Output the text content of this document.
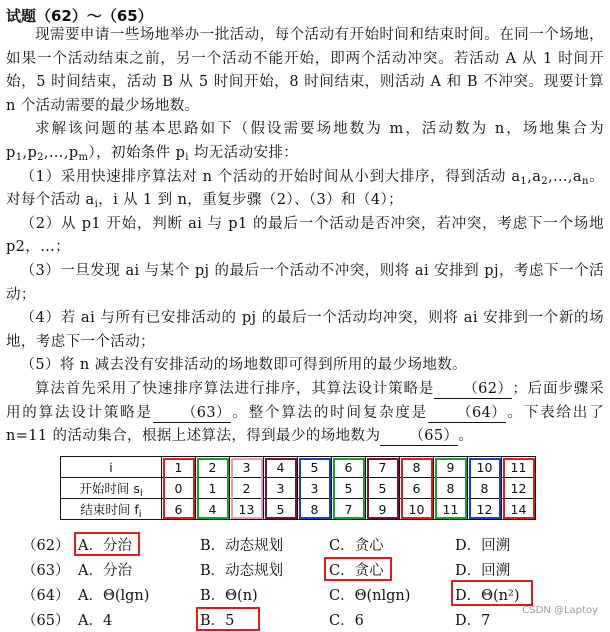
试题（62）～（65）
现需要申请一些场地举办一批活动，每个活动有开始时间和结束时间。在同一个场地，如果一个活动结束之前，另一个活动不能开始，即两个活动冲突。若活动 A 从 1 时间开始，5 时间结束，活动 B 从 5 时间开始，8 时间结束，则活动 A 和 B 不冲突。现要计算 n 个活动需要的最少场地数。
求解该问题的基本思路如下（假设需要场地数为 m，活动数为 n，场地集合为 $p_1,p_2,\dots,p_m$），初始条件 $p_i$ 均无活动安排：
（1）采用快速排序算法对 n 个活动的开始时间从小到大排序，得到活动 $a_1,a_2,\dots,a_n$。对每个活动 $a_i$，i 从 1 到 n，重复步骤（2）、（3）和（4）；
（2）从 p1 开始，判断 ai 与 p1 的最后一个活动是否冲突，若冲突，考虑下一个场地 p2，…；
（3）一旦发现 ai 与某个 pj 的最后一个活动不冲突，则将 ai 安排到 pj，考虑下一个活动；
（4）若 ai 与所有已安排活动的 pj 的最后一个活动均冲突，则将 ai 安排到一个新的场地，考虑下一个活动；
（5）将 n 减去没有安排活动的场地数即可得到所用的最少场地数。
算法首先采用了快速排序算法进行排序，其算法设计策略是 （62）；后面步骤采用的算法设计策略是 （63）。整个算法的时间复杂度是 （64）。下表给出了 n=11 的活动集合，根据上述算法，得到最少的场地数为 （65）。
i	1	2	3	4	5	6	7	8	9	10	11
开始时间 $s_i$	0	1	2	3	3	5	5	6	8	8	12
结束时间 $f_i$	6	4	13	5	8	7	9	10	11	12	14
（62） A．分治	B．动态规划	C．贪心	D．回溯
（63） A．分治	B．动态规划	C．贪心	D．回溯
（64） A．Θ(lgn)	B．Θ(n)	C．Θ(nlgn)	D．Θ(n²)
（65） A．4	B．5	C．6	D．7
CSDN @Laptoy
